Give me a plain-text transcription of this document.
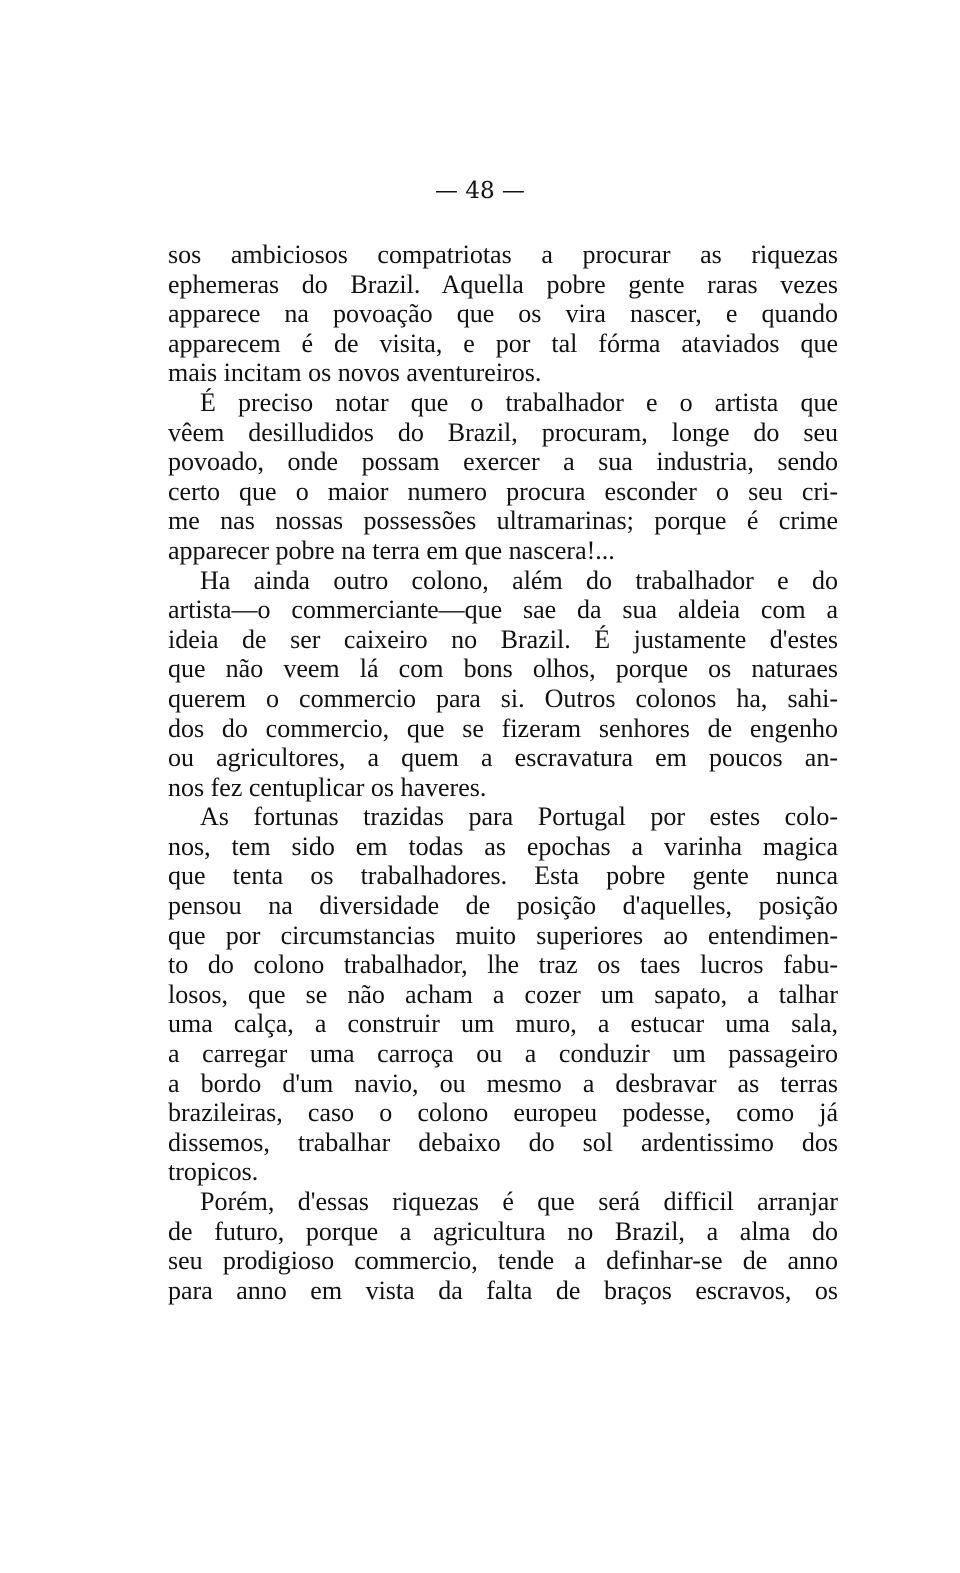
— 48 —
sos ambiciosos compatriotas a procurar as riquezas
ephemeras do Brazil. Aquella pobre gente raras vezes
apparece na povoação que os vira nascer, e quando
apparecem é de visita, e por tal fórma ataviados que
mais incitam os novos aventureiros.
É preciso notar que o trabalhador e o artista que
vêem desilludidos do Brazil, procuram, longe do seu
povoado, onde possam exercer a sua industria, sendo
certo que o maior numero procura esconder o seu cri-
me nas nossas possessões ultramarinas; porque é crime
apparecer pobre na terra em que nascera!...
Ha ainda outro colono, além do trabalhador e do
artista—o commerciante—que sae da sua aldeia com a
ideia de ser caixeiro no Brazil. É justamente d'estes
que não veem lá com bons olhos, porque os naturaes
querem o commercio para si. Outros colonos ha, sahi-
dos do commercio, que se fizeram senhores de engenho
ou agricultores, a quem a escravatura em poucos an-
nos fez centuplicar os haveres.
As fortunas trazidas para Portugal por estes colo-
nos, tem sido em todas as epochas a varinha magica
que tenta os trabalhadores. Esta pobre gente nunca
pensou na diversidade de posição d'aquelles, posição
que por circumstancias muito superiores ao entendimen-
to do colono trabalhador, lhe traz os taes lucros fabu-
losos, que se não acham a cozer um sapato, a talhar
uma calça, a construir um muro, a estucar uma sala,
a carregar uma carroça ou a conduzir um passageiro
a bordo d'um navio, ou mesmo a desbravar as terras
brazileiras, caso o colono europeu podesse, como já
dissemos, trabalhar debaixo do sol ardentissimo dos
tropicos.
Porém, d'essas riquezas é que será difficil arranjar
de futuro, porque a agricultura no Brazil, a alma do
seu prodigioso commercio, tende a definhar-se de anno
para anno em vista da falta de braços escravos, os
